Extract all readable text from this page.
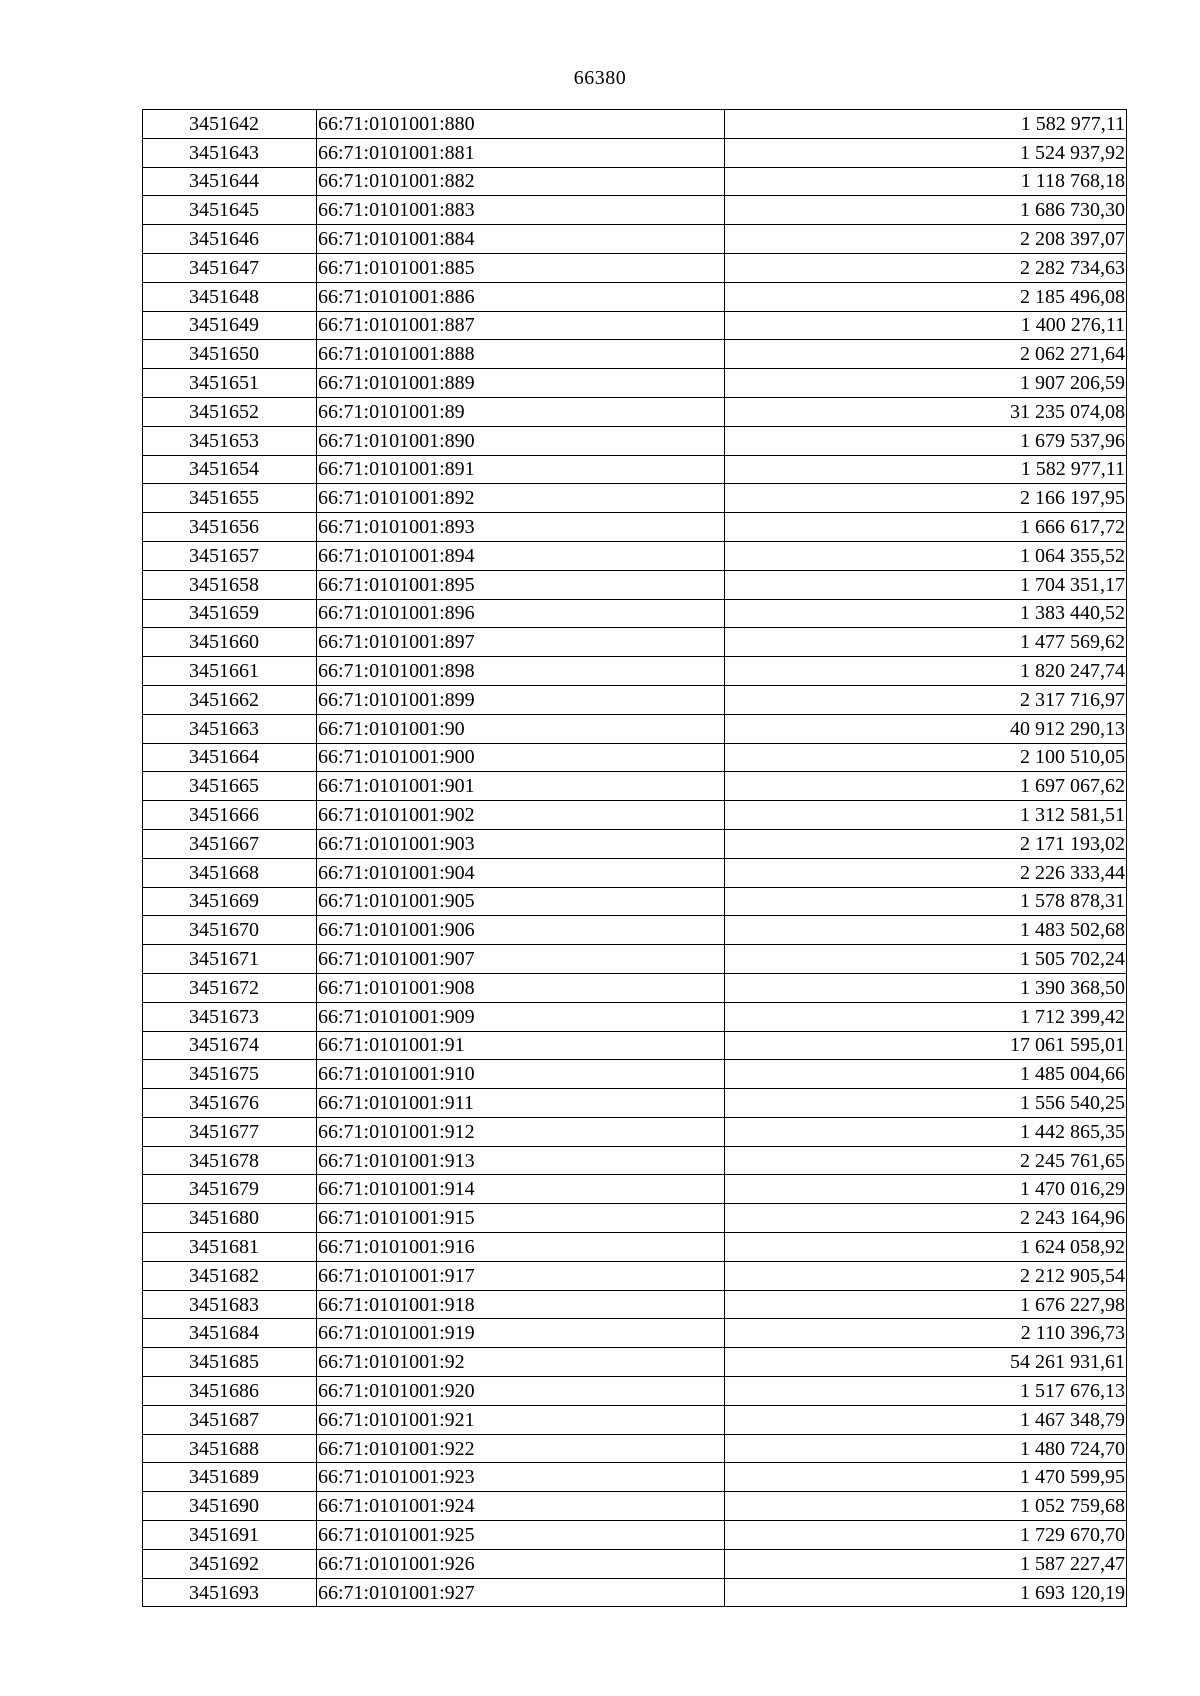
66380
3451642	66:71:0101001:880	1 582 977,11
3451643	66:71:0101001:881	1 524 937,92
3451644	66:71:0101001:882	1 118 768,18
3451645	66:71:0101001:883	1 686 730,30
3451646	66:71:0101001:884	2 208 397,07
3451647	66:71:0101001:885	2 282 734,63
3451648	66:71:0101001:886	2 185 496,08
3451649	66:71:0101001:887	1 400 276,11
3451650	66:71:0101001:888	2 062 271,64
3451651	66:71:0101001:889	1 907 206,59
3451652	66:71:0101001:89	31 235 074,08
3451653	66:71:0101001:890	1 679 537,96
3451654	66:71:0101001:891	1 582 977,11
3451655	66:71:0101001:892	2 166 197,95
3451656	66:71:0101001:893	1 666 617,72
3451657	66:71:0101001:894	1 064 355,52
3451658	66:71:0101001:895	1 704 351,17
3451659	66:71:0101001:896	1 383 440,52
3451660	66:71:0101001:897	1 477 569,62
3451661	66:71:0101001:898	1 820 247,74
3451662	66:71:0101001:899	2 317 716,97
3451663	66:71:0101001:90	40 912 290,13
3451664	66:71:0101001:900	2 100 510,05
3451665	66:71:0101001:901	1 697 067,62
3451666	66:71:0101001:902	1 312 581,51
3451667	66:71:0101001:903	2 171 193,02
3451668	66:71:0101001:904	2 226 333,44
3451669	66:71:0101001:905	1 578 878,31
3451670	66:71:0101001:906	1 483 502,68
3451671	66:71:0101001:907	1 505 702,24
3451672	66:71:0101001:908	1 390 368,50
3451673	66:71:0101001:909	1 712 399,42
3451674	66:71:0101001:91	17 061 595,01
3451675	66:71:0101001:910	1 485 004,66
3451676	66:71:0101001:911	1 556 540,25
3451677	66:71:0101001:912	1 442 865,35
3451678	66:71:0101001:913	2 245 761,65
3451679	66:71:0101001:914	1 470 016,29
3451680	66:71:0101001:915	2 243 164,96
3451681	66:71:0101001:916	1 624 058,92
3451682	66:71:0101001:917	2 212 905,54
3451683	66:71:0101001:918	1 676 227,98
3451684	66:71:0101001:919	2 110 396,73
3451685	66:71:0101001:92	54 261 931,61
3451686	66:71:0101001:920	1 517 676,13
3451687	66:71:0101001:921	1 467 348,79
3451688	66:71:0101001:922	1 480 724,70
3451689	66:71:0101001:923	1 470 599,95
3451690	66:71:0101001:924	1 052 759,68
3451691	66:71:0101001:925	1 729 670,70
3451692	66:71:0101001:926	1 587 227,47
3451693	66:71:0101001:927	1 693 120,19
